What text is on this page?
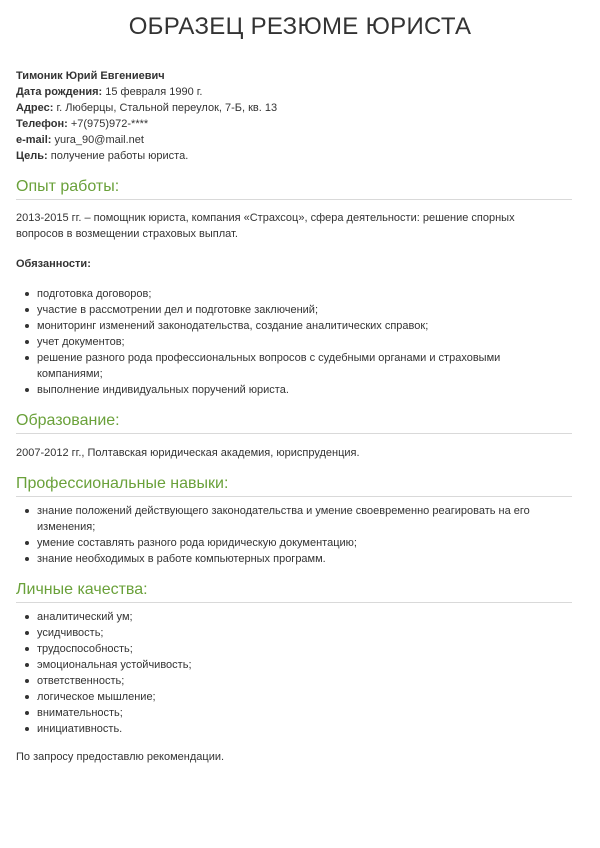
ОБРАЗЕЦ РЕЗЮМЕ ЮРИСТА

Тимоник Юрий Евгениевич

Дата рождения: 15 февраля 1990 г.

Адрес: г. Люберцы, Стальной переулок, 7-Б, кв. 13

Телефон: +7(975)972-****

e-mail: yura_90@mail.net

Цель: получение работы юриста.

Опыт работы:

2013-2015 гг. – помощник юриста, компания «Страхсоц», сфера деятельности: решение спорных вопросов в возмещении страховых выплат.

Обязанности:

подготовка договоров;
участие в рассмотрении дел и подготовке заключений;
мониторинг изменений законодательства, создание аналитических справок;
учет документов;
решение разного рода профессиональных вопросов с судебными органами и страховыми компаниями;
выполнение индивидуальных поручений юриста.
Образование:

2007-2012 гг., Полтавская юридическая академия, юриспруденция.

Профессиональные навыки:
знание положений действующего законодательства и умение своевременно реагировать на его изменения;
умение составлять разного рода юридическую документацию;
знание необходимых в работе компьютерных программ.
Личные качества:
аналитический ум;
усидчивость;
трудоспособность;
эмоциональная устойчивость;
ответственность;
логическое мышление;
внимательность;
инициативность.

По запросу предоставлю рекомендации.
